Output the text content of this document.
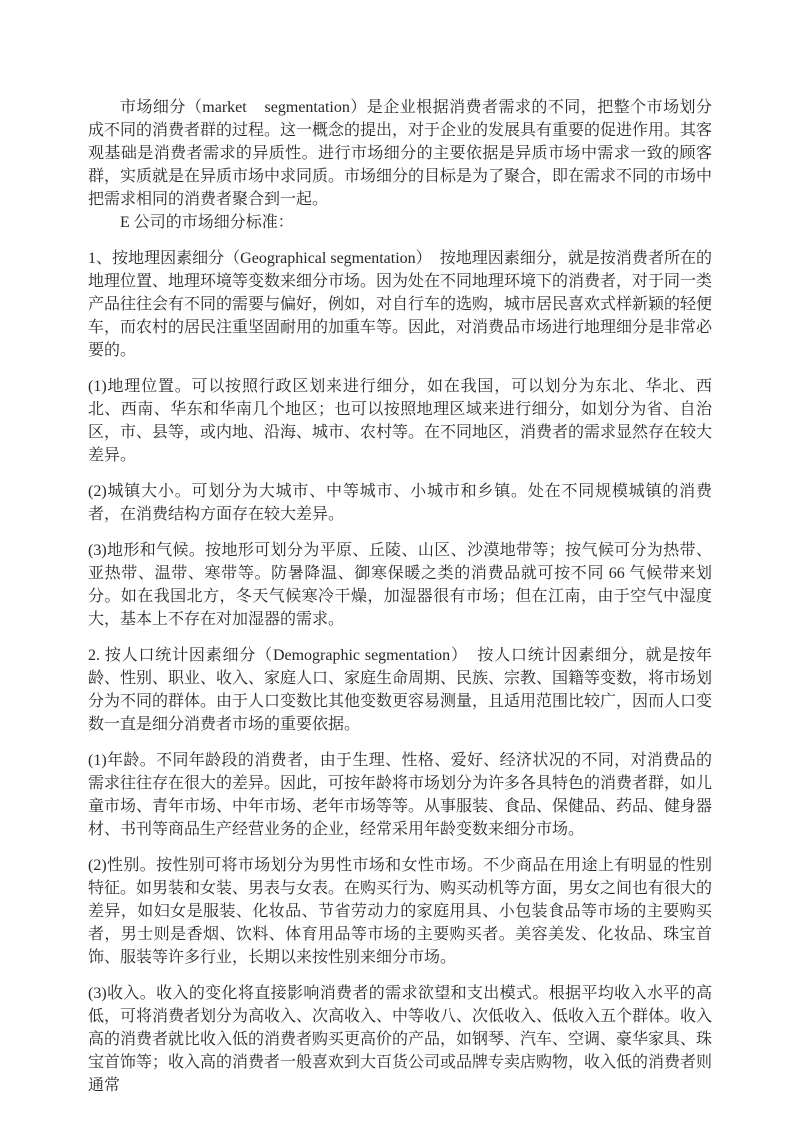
市场细分（market    segmentation）是企业根据消费者需求的不同，把整个市场划分成不同的消费者群的过程。这一概念的提出，对于企业的发展具有重要的促进作用。其客观基础是消费者需求的异质性。进行市场细分的主要依据是异质市场中需求一致的顾客群，实质就是在异质市场中求同质。市场细分的目标是为了聚合，即在需求不同的市场中把需求相同的消费者聚合到一起。

E 公司的市场细分标准：

1、按地理因素细分（Geographical segmentation）  按地理因素细分，就是按消费者所在的地理位置、地理环境等变数来细分市场。因为处在不同地理环境下的消费者，对于同一类产品往往会有不同的需要与偏好，例如，对自行车的选购，城市居民喜欢式样新颖的轻便车，而农村的居民注重坚固耐用的加重车等。因此，对消费品市场进行地理细分是非常必要的。

(1)地理位置。可以按照行政区划来进行细分，如在我国，可以划分为东北、华北、西北、西南、华东和华南几个地区；也可以按照地理区域来进行细分，如划分为省、自治区，市、县等，或内地、沿海、城市、农村等。在不同地区，消费者的需求显然存在较大差异。

(2)城镇大小。可划分为大城市、中等城市、小城市和乡镇。处在不同规模城镇的消费者，在消费结构方面存在较大差异。

(3)地形和气候。按地形可划分为平原、丘陵、山区、沙漠地带等；按气候可分为热带、亚热带、温带、寒带等。防暑降温、御寒保暖之类的消费品就可按不同 66 气候带来划分。如在我国北方，冬天气候寒冷干燥，加湿器很有市场；但在江南，由于空气中湿度大，基本上不存在对加湿器的需求。

2. 按人口统计因素细分（Demographic segmentation）  按人口统计因素细分，就是按年龄、性别、职业、收入、家庭人口、家庭生命周期、民族、宗教、国籍等变数，将市场划分为不同的群体。由于人口变数比其他变数更容易测量，且适用范围比较广，因而人口变数一直是细分消费者市场的重要依据。

(1)年龄。不同年龄段的消费者，由于生理、性格、爱好、经济状况的不同，对消费品的需求往往存在很大的差异。因此，可按年龄将市场划分为许多各具特色的消费者群，如儿童市场、青年市场、中年市场、老年市场等等。从事服装、食品、保健品、药品、健身器材、书刊等商品生产经营业务的企业，经常采用年龄变数来细分市场。

(2)性别。按性别可将市场划分为男性市场和女性市场。不少商品在用途上有明显的性别特征。如男装和女装、男表与女表。在购买行为、购买动机等方面，男女之间也有很大的差异，如妇女是服装、化妆品、节省劳动力的家庭用具、小包装食品等市场的主要购买者，男士则是香烟、饮料、体育用品等市场的主要购买者。美容美发、化妆品、珠宝首饰、服装等许多行业，长期以来按性别来细分市场。

(3)收入。收入的变化将直接影响消费者的需求欲望和支出模式。根据平均收入水平的高低，可将消费者划分为高收入、次高收入、中等收八、次低收入、低收入五个群体。收入高的消费者就比收入低的消费者购买更高价的产品，如钢琴、汽车、空调、豪华家具、珠宝首饰等；收入高的消费者一般喜欢到大百货公司或品牌专卖店购物，收入低的消费者则通常
